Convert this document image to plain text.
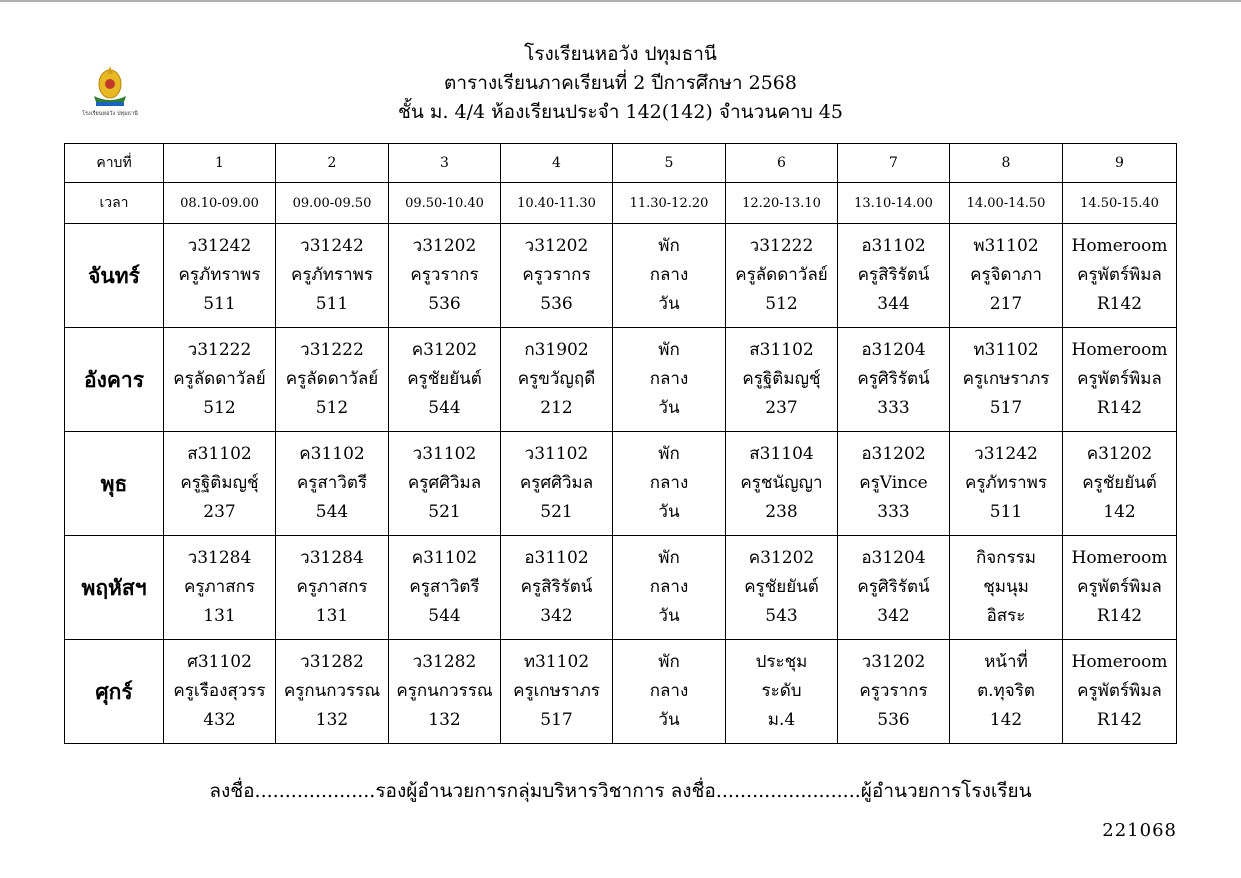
โรงเรียนหอวัง ปทุมธานี
โรงเรียนหอวัง ปทุมธานี
ตารางเรียนภาคเรียนที่ 2 ปีการศึกษา 2568
ชั้น ม. 4/4 ห้องเรียนประจำ 142(142) จำนวนคาบ 45
คาบที่	1	2	3	4	5	6	7	8	9
เวลา	08.10-09.00	09.00-09.50	09.50-10.40	10.40-11.30	11.30-12.20	12.20-13.10	13.10-14.00	14.00-14.50	14.50-15.40
จันทร์	ว31242
ครูภัทราพร
511	ว31242
ครูภัทราพร
511	ว31202
ครูวรากร
536	ว31202
ครูวรากร
536	พัก
กลาง
วัน	ว31222
ครูลัดดาวัลย์
512	อ31102
ครูสิริรัตน์
344	พ31102
ครูจิดาภา
217	Homeroom
ครูพัตร์พิมล
R142

อังคาร	ว31222
ครูลัดดาวัลย์
512	ว31222
ครูลัดดาวัลย์
512	ค31202
ครูชัยยันต์
544	ก31902
ครูขวัญฤดี
212	พัก
กลาง
วัน	ส31102
ครูฐิติมญชุ์
237	อ31204
ครูศิริรัตน์
333	ท31102
ครูเกษราภร
517	Homeroom
ครูพัตร์พิมล
R142

พุธ	ส31102
ครูฐิติมญชุ์
237	ค31102
ครูสาวิตรี
544	ว31102
ครูศศิวิมล
521	ว31102
ครูศศิวิมล
521	พัก
กลาง
วัน	ส31104
ครูชนัญญา
238	อ31202
ครูVince
333	ว31242
ครูภัทราพร
511	ค31202
ครูชัยยันต์
142

พฤหัสฯ	ว31284
ครูภาสกร
131	ว31284
ครูภาสกร
131	ค31102
ครูสาวิตรี
544	อ31102
ครูสิริรัตน์
342	พัก
กลาง
วัน	ค31202
ครูชัยยันต์
543	อ31204
ครูศิริรัตน์
342	กิจกรรม
ชุมนุม
อิสระ	Homeroom
ครูพัตร์พิมล
R142

ศุกร์	ศ31102
ครูเรืองสุวรร
432	ว31282
ครูกนกวรรณ
132	ว31282
ครูกนกวรรณ
132	ท31102
ครูเกษราภร
517	พัก
กลาง
วัน	ประชุม
ระดับ
ม.4	ว31202
ครูวรากร
536	หน้าที่
ต.ทุจริต
142	Homeroom
ครูพัตร์พิมล
R142
ลงชื่อ....................รองผู้อำนวยการกลุ่มบริหารวิชาการ ลงชื่อ........................ผู้อำนวยการโรงเรียน
221068
